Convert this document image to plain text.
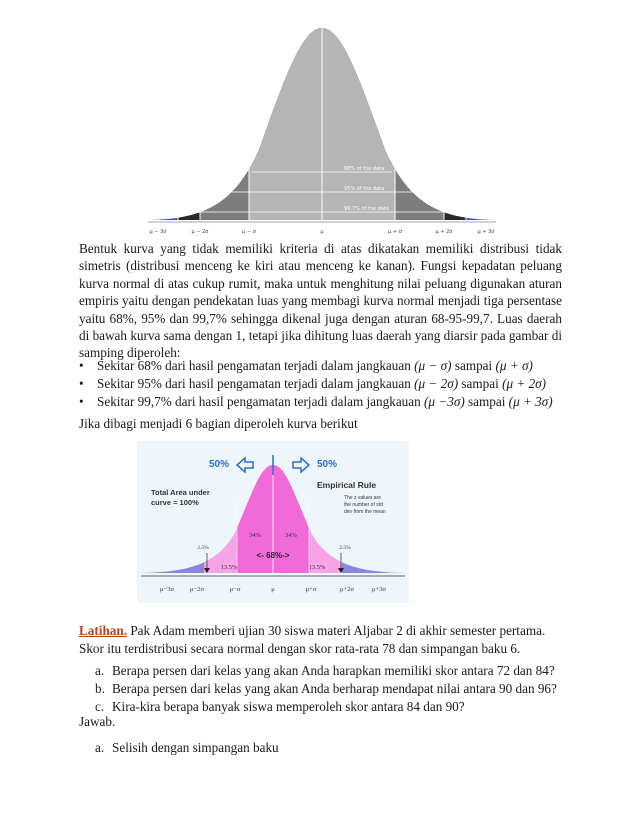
68% of the data
95% of the data
99.7% of the data
μ − 3σ	μ − 2σ	μ − σ	μ	μ + σ	μ + 2σ	μ + 3σ

Bentuk kurva yang tidak memiliki kriteria di atas dikatakan memiliki distribusi tidak simetris (distribusi menceng ke kiri atau menceng ke kanan). Fungsi kepadatan peluang kurva normal di atas cukup rumit, maka untuk menghitung nilai peluang digunakan aturan empiris yaitu dengan pendekatan luas yang membagi kurva normal menjadi tiga persentase yaitu 68%, 95% dan 99,7% sehingga dikenal juga dengan aturan 68-95-99,7. Luas daerah di bawah kurva sama dengan 1, tetapi jika dihitung luas daerah yang diarsir pada gambar di samping diperoleh:

• Sekitar 68% dari hasil pengamatan terjadi dalam jangkauan (μ − σ) sampai (μ + σ)
• Sekitar 95% dari hasil pengamatan terjadi dalam jangkauan (μ − 2σ) sampai (μ + 2σ)
• Sekitar 99,7% dari hasil pengamatan terjadi dalam jangkauan (μ −3σ) sampai (μ + 3σ)

Jika dibagi menjadi 6 bagian diperoleh kurva berikut

50%	50%
Total Area under
curve = 100%
Empirical Rule
The z values are
the number of std
dev from the mean
34%	34%
<- 68%->
13.5%	13.5%
2.5%	2.5%
μ−3σ μ−2σ	μ−σ	μ	μ+σ	μ+2σ	μ+3σ

Latihan. Pak Adam memberi ujian 30 siswa materi Aljabar 2 di akhir semester pertama. Skor itu terdistribusi secara normal dengan skor rata-rata 78 dan simpangan baku 6.

a. Berapa persen dari kelas yang akan Anda harapkan memiliki skor antara 72 dan 84?
b. Berapa persen dari kelas yang akan Anda berharap mendapat nilai antara 90 dan 96?
c. Kira-kira berapa banyak siswa memperoleh skor antara 84 dan 90?

Jawab.

a. Selisih dengan simpangan baku
